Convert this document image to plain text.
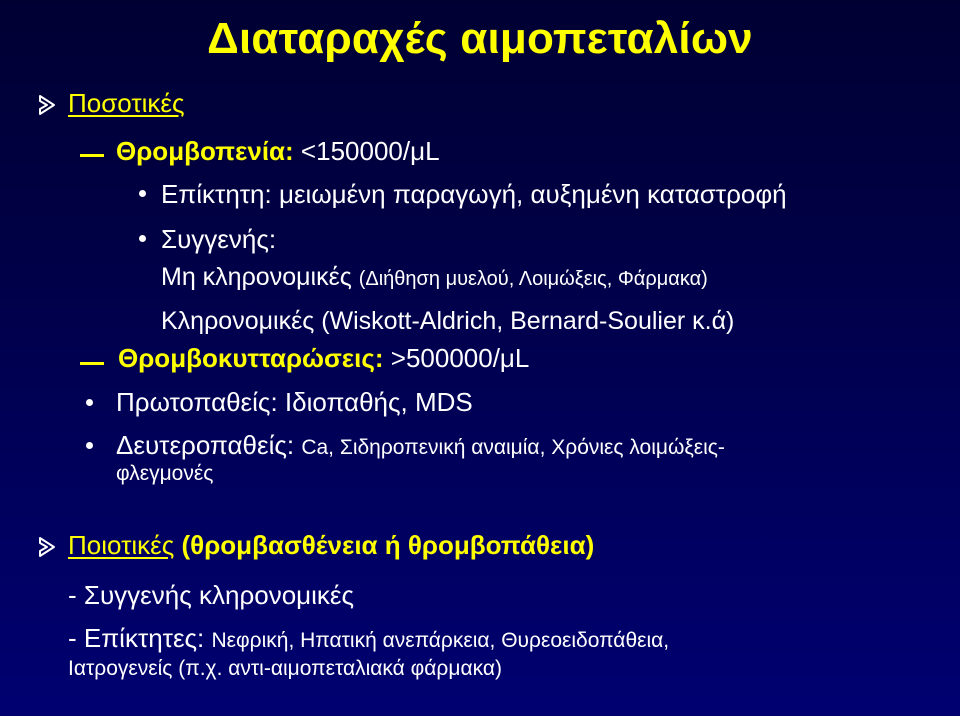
Διαταραχές αιμοπεταλίων
Ποσοτικές
Θρομβοπενία: <150000/μL
Επίκτητη: μειωμένη παραγωγή, αυξημένη καταστροφή
Συγγενής:
Μη κληρονομικές (Διήθηση μυελού, Λοιμώξεις, Φάρμακα)
Κληρονομικές (Wiskott-Aldrich, Bernard-Soulier κ.ά)
Θρομβοκυτταρώσεις: >500000/μL
Πρωτοπαθείς: Ιδιοπαθής, MDS
Δευτεροπαθείς: Ca, Σιδηροπενική αναιμία, Χρόνιες λοιμώξεις-
φλεγμονές
Ποιοτικές (θρομβασθένεια ή θρομβοπάθεια)
- Συγγενής κληρονομικές
- Επίκτητες: Νεφρική, Ηπατική ανεπάρκεια, Θυρεοειδοπάθεια,
Ιατρογενείς (π.χ. αντι-αιμοπεταλιακά φάρμακα)
